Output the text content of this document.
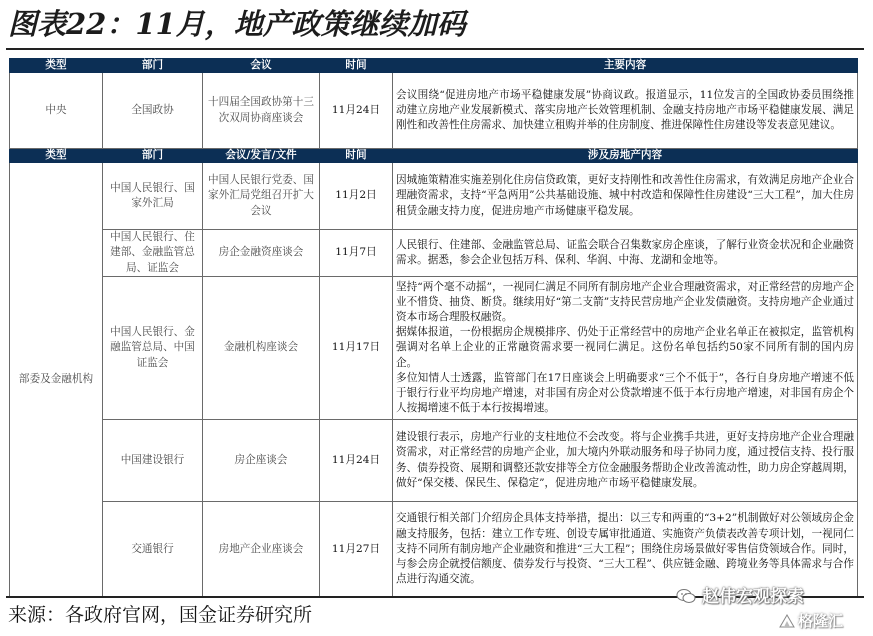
图表22：11月，地产政策继续加码
类型	部门	会议	时间	主要内容
中央	全国政协	十四届全国政协第十三次双周协商座谈会	11月24日	会议围绕“促进房地产市场平稳健康发展”协商议政。报道显示，11位发言的全国政协委员围绕推动建立房地产业发展新模式、落实房地产长效管理机制、金融支持房地产市场平稳健康发展、满足刚性和改善性住房需求、加快建立租购并举的住房制度、推进保障性住房建设等发表意见建议。
类型	部门	会议/发言/文件	时间	涉及房地产内容
部委及金融机构	中国人民银行、国家外汇局	中国人民银行党委、国家外汇局党组召开扩大会议	11月2日	因城施策精准实施差别化住房信贷政策，更好支持刚性和改善性住房需求，有效满足房地产企业合理融资需求，支持“平急两用”公共基础设施、城中村改造和保障性住房建设“三大工程”，加大住房租赁金融支持力度，促进房地产市场健康平稳发展。
	中国人民银行、住建部、金融监管总局、证监会	房企金融资座谈会	11月7日	人民银行、住建部、金融监管总局、证监会联合召集数家房企座谈，了解行业资金状况和企业融资需求。据悉，参会企业包括万科、保利、华润、中海、龙湖和金地等。
	中国人民银行、金融监管总局、中国证监会	金融机构座谈会	11月17日	坚持“两个毫不动摇”，一视同仁满足不同所有制房地产企业合理融资需求，对正常经营的房地产企业不惜贷、抽贷、断贷。继续用好“第二支箭”支持民营房地产企业发债融资。支持房地产企业通过资本市场合理股权融资。
据媒体报道，一份根据房企规模排序、仍处于正常经营中的房地产企业名单正在被拟定，监管机构强调对名单上企业的正常融资需求要一视同仁满足。这份名单包括约50家不同所有制的国内房企。
多位知情人士透露，监管部门在17日座谈会上明确要求“三个不低于”，各行自身房地产增速不低于银行行业平均房地产增速，对非国有房企对公贷款增速不低于本行房地产增速，对非国有房企个人按揭增速不低于本行按揭增速。

	中国建设银行	房企座谈会	11月24日	建设银行表示，房地产行业的支柱地位不会改变。将与企业携手共进，更好支持房地产企业合理融资需求，对正常经营的房地产企业，加大境内外联动服务和母子协同力度，通过授信支持、投行服务、债券投资、展期和调整还款安排等全方位金融服务帮助企业改善流动性，助力房企穿越周期，做好“保交楼、保民生、保稳定”，促进房地产市场平稳健康发展。
	交通银行	房地产企业座谈会	11月27日	交通银行相关部门介绍房企具体支持举措，提出：以三专和两重的“3+2”机制做好对公领域房企金融支持服务，包括：建立工作专班、创设专属审批通道、实施资产负债表改善专项计划，一视同仁支持不同所有制房地产企业融资和推进“三大工程”；围绕住房场景做好零售信贷领域合作。同时，与参会房企就授信额度、债券发行与投资、“三大工程”、供应链金融、跨境业务等具体需求与合作点进行沟通交流。
来源：各政府官网，国金证券研究所
赵伟宏观探索
格隆汇
